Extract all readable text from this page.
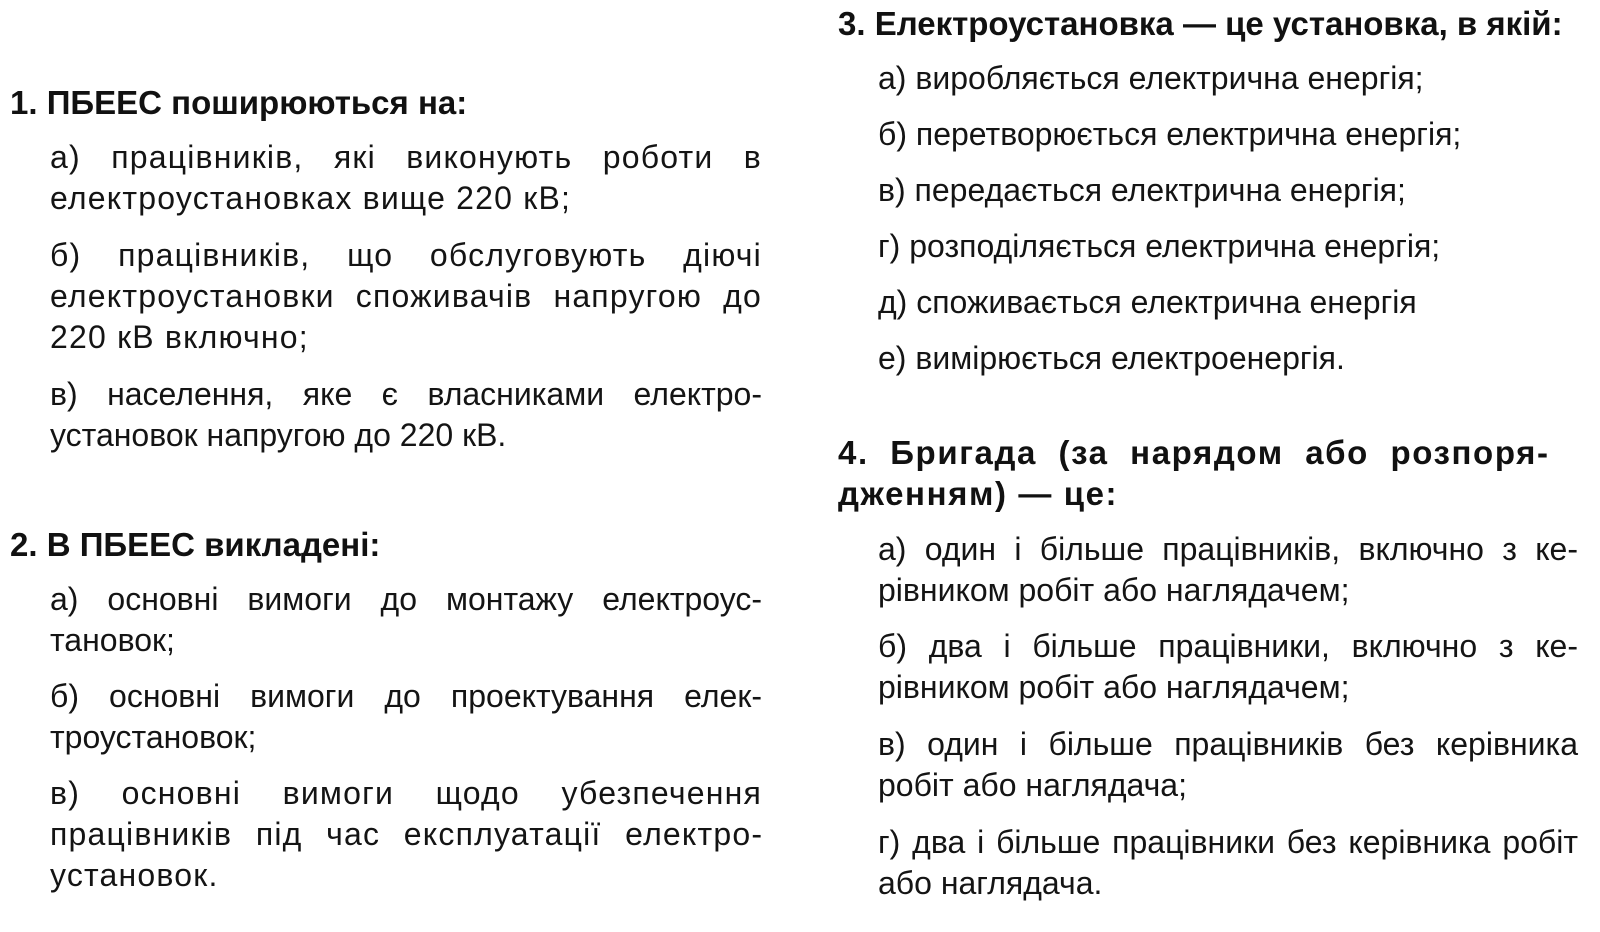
1. ПБЕЕС поширюються на:

а) працівників, які виконують роботи в електроустановках вище 220 кВ;

б) працівників, що обслуговують діючі електроустановки споживачів напругою до 220 кВ включно;

в) населення, яке є власниками електроустановок напругою до 220 кВ.

2. В ПБЕЕС викладені:

а) основні вимоги до монтажу електроустановок;

б) основні вимоги до проектування електроустановок;

в) основні вимоги щодо убезпечення працівників під час експлуатації електроустановок.

3. Електроустановка — це установка, в якій:

а) виробляється електрична енергія;

б) перетворюється електрична енергія;

в) передається електрична енергія;

г) розподіляється електрична енергія;

д) споживається електрична енергія

е) вимірюється електроенергія.

4. Бригада (за нарядом або розпорядженням) — це:

а) один і більше працівників, включно з керівником робіт або наглядачем;

б) два і більше працівники, включно з керівником робіт або наглядачем;

в) один і більше працівників без керівника робіт або наглядача;

г) два і більше працівники без керівника робіт або наглядача.
